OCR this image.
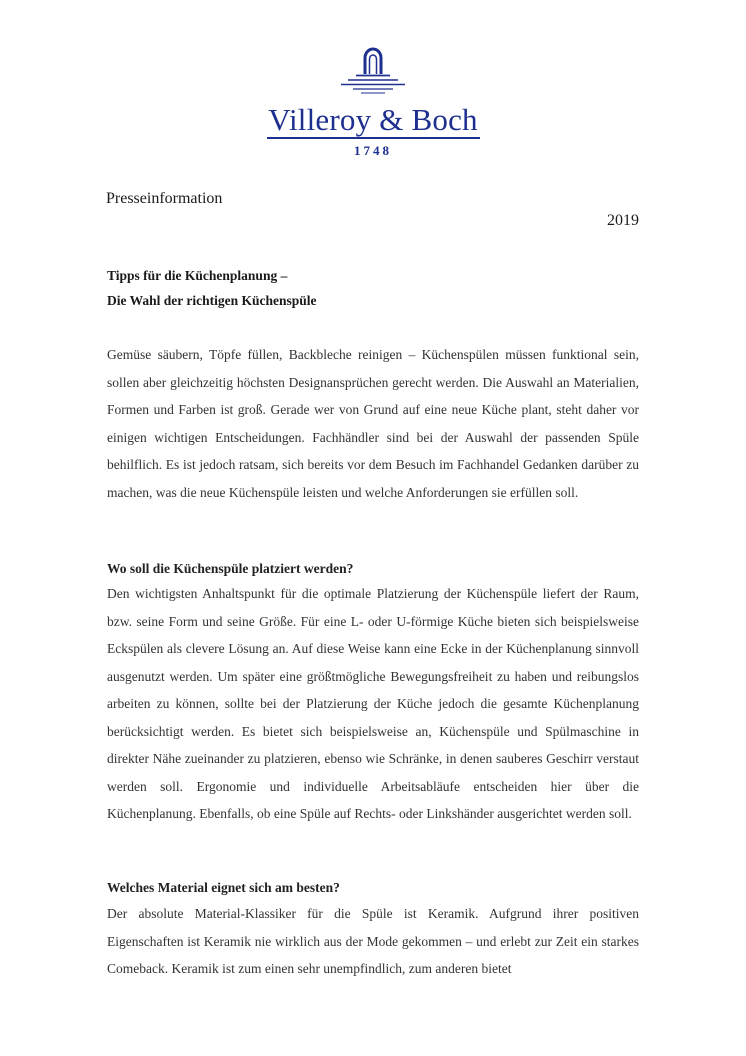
Villeroy & Boch
1748
Presseinformation
2019
Tipps für die Küchenplanung –
Die Wahl der richtigen Küchenspüle
Gemüse säubern, Töpfe füllen, Backbleche reinigen – Küchenspülen müssen funktional sein, sollen aber gleichzeitig höchsten Designansprüchen gerecht werden. Die Auswahl an Materialien, Formen und Farben ist groß. Gerade wer von Grund auf eine neue Küche plant, steht daher vor einigen wichtigen Entscheidungen. Fachhändler sind bei der Auswahl der passenden Spüle behilflich. Es ist jedoch ratsam, sich bereits vor dem Besuch im Fachhandel Gedanken darüber zu machen, was die neue Küchenspüle leisten und welche Anforderungen sie erfüllen soll.
Wo soll die Küchenspüle platziert werden?
Den wichtigsten Anhaltspunkt für die optimale Platzierung der Küchenspüle liefert der Raum, bzw. seine Form und seine Größe. Für eine L- oder U-förmige Küche bieten sich beispielsweise Eckspülen als clevere Lösung an. Auf diese Weise kann eine Ecke in der Küchenplanung sinnvoll ausgenutzt werden. Um später eine größtmögliche Bewegungsfreiheit zu haben und reibungslos arbeiten zu können, sollte bei der Platzierung der Küche jedoch die gesamte Küchenplanung berücksichtigt werden. Es bietet sich beispielsweise an, Küchenspüle und Spülmaschine in direkter Nähe zueinander zu platzieren, ebenso wie Schränke, in denen sauberes Geschirr verstaut werden soll. Ergonomie und individuelle Arbeitsabläufe entscheiden hier über die Küchenplanung. Ebenfalls, ob eine Spüle auf Rechts- oder Linkshänder ausgerichtet werden soll.
Welches Material eignet sich am besten?
Der absolute Material-Klassiker für die Spüle ist Keramik. Aufgrund ihrer positiven Eigenschaften ist Keramik nie wirklich aus der Mode gekommen – und erlebt zur Zeit ein starkes Comeback. Keramik ist zum einen sehr unempfindlich, zum anderen bietet
